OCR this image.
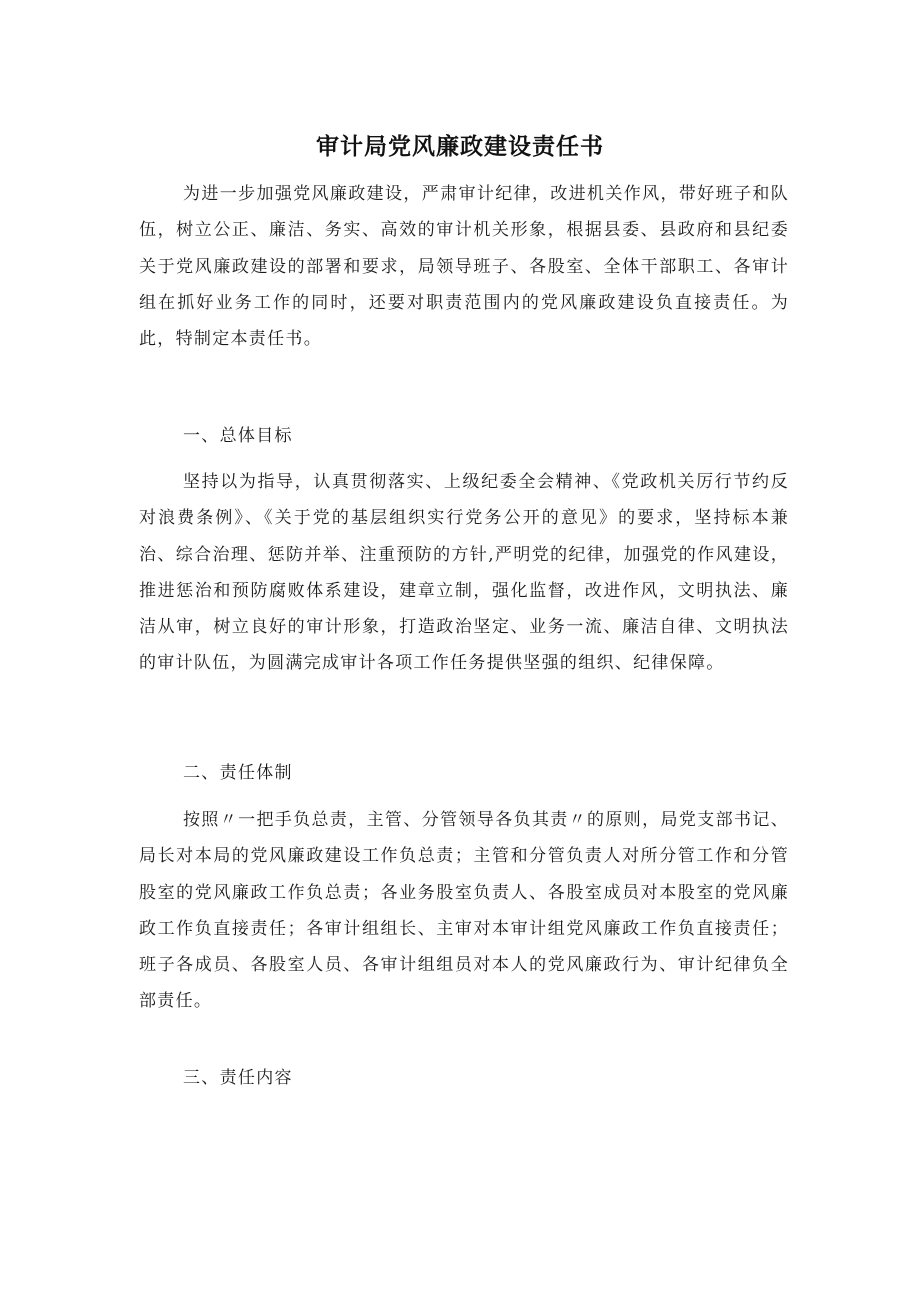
审计局党风廉政建设责任书

为进一步加强党风廉政建设，严肃审计纪律，改进机关作风，带好班子和队伍，树立公正、廉洁、务实、高效的审计机关形象，根据县委、县政府和县纪委关于党风廉政建设的部署和要求，局领导班子、各股室、全体干部职工、各审计组在抓好业务工作的同时，还要对职责范围内的党风廉政建设负直接责任。为此，特制定本责任书。

一、总体目标

坚持以为指导，认真贯彻落实、上级纪委全会精神、《党政机关厉行节约反对浪费条例》、《关于党的基层组织实行党务公开的意见》的要求，坚持标本兼治、综合治理、惩防并举、注重预防的方针,严明党的纪律，加强党的作风建设，推进惩治和预防腐败体系建设，建章立制，强化监督，改进作风，文明执法、廉洁从审，树立良好的审计形象，打造政治坚定、业务一流、廉洁自律、文明执法的审计队伍，为圆满完成审计各项工作任务提供坚强的组织、纪律保障。

二、责任体制

按照〃一把手负总责，主管、分管领导各负其责〃的原则，局党支部书记、局长对本局的党风廉政建设工作负总责；主管和分管负责人对所分管工作和分管股室的党风廉政工作负总责；各业务股室负责人、各股室成员对本股室的党风廉政工作负直接责任；各审计组组长、主审对本审计组党风廉政工作负直接责任；班子各成员、各股室人员、各审计组组员对本人的党风廉政行为、审计纪律负全部责任。

三、责任内容
